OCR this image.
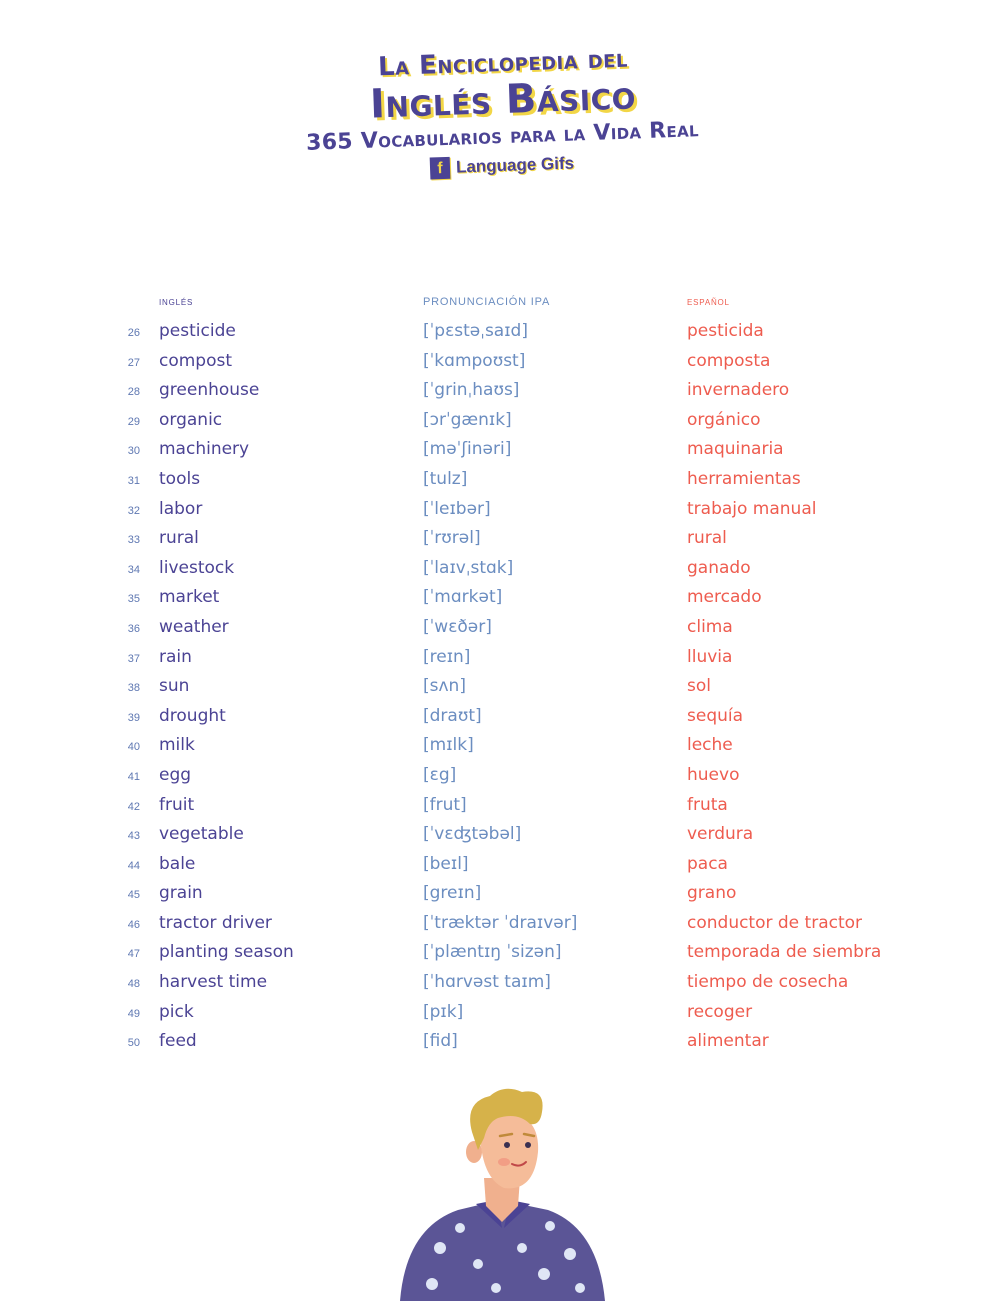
La Enciclopedia del
Inglés Básico
365 Vocabularios para la Vida Real
f Language Gifs
inglés	PRONUNCIACIÓN IPA	español
26 pesticide	[ˈpɛstəˌsaɪd]	pesticida
27 compost	[ˈkɑmpoʊst]	composta
28 greenhouse	[ˈgrinˌhaʊs]	invernadero
29 organic	[ɔrˈgænɪk]	orgánico
30 machinery	[məˈʃinəri]	maquinaria
31 tools	[tulz]	herramientas
32 labor	[ˈleɪbər]	trabajo manual
33 rural	[ˈrʊrəl]	rural
34 livestock	[ˈlaɪvˌstɑk]	ganado
35 market	[ˈmɑrkət]	mercado
36 weather	[ˈwɛðər]	clima
37 rain	[reɪn]	lluvia
38 sun	[sʌn]	sol
39 drought	[draʊt]	sequía
40 milk	[mɪlk]	leche
41 egg	[ɛg]	huevo
42 fruit	[frut]	fruta
43 vegetable	[ˈvɛʤtəbəl]	verdura
44 bale	[beɪl]	paca
45 grain	[greɪn]	grano
46 tractor driver	[ˈtræktər ˈdraɪvər]	conductor de tractor
47 planting season	[ˈplæntɪŋ ˈsizən]	temporada de siembra
48 harvest time	[ˈhɑrvəst taɪm]	tiempo de cosecha
49 pick	[pɪk]	recoger
50 feed	[fid]	alimentar
